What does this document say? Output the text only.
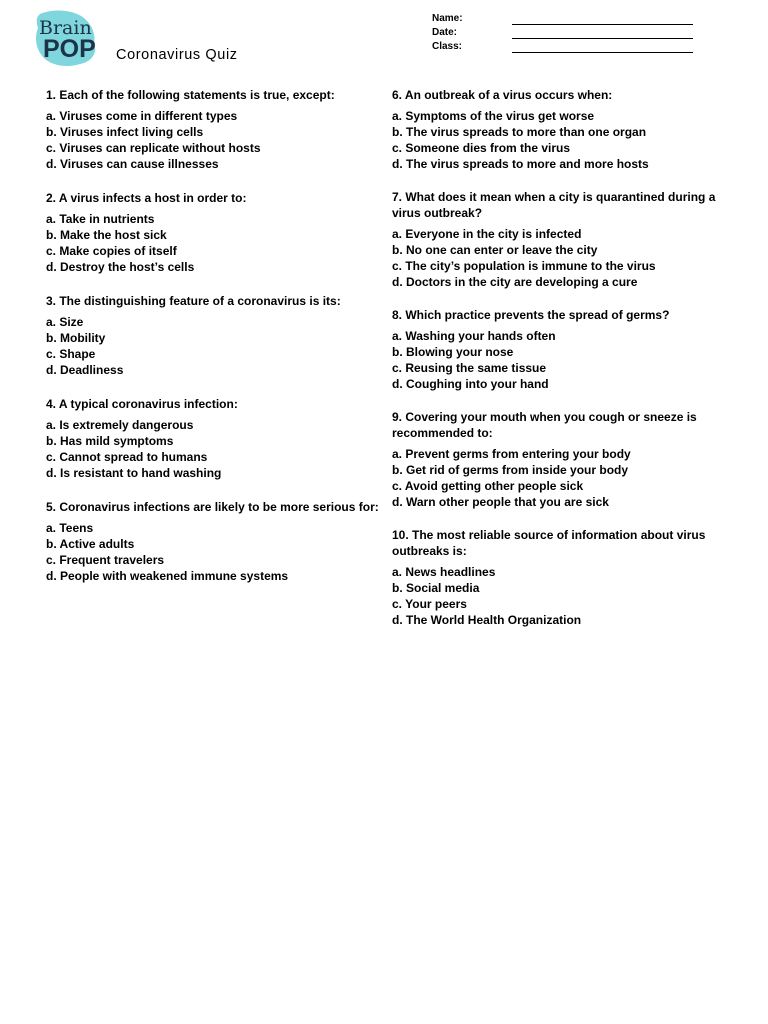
Brain
POP Coronavirus Quiz
Name:
Date:
Class:

1. Each of the following statements is true, except:

a. Viruses come in different types

b. Viruses infect living cells

c. Viruses can replicate without hosts

d. Viruses can cause illnesses

2. A virus infects a host in order to:

a. Take in nutrients

b. Make the host sick

c. Make copies of itself

d. Destroy the host’s cells

3. The distinguishing feature of a coronavirus is its:

a. Size

b. Mobility

c. Shape

d. Deadliness

4. A typical coronavirus infection:

a. Is extremely dangerous

b. Has mild symptoms

c. Cannot spread to humans

d. Is resistant to hand washing

5. Coronavirus infections are likely to be more serious for:

a. Teens

b. Active adults

c. Frequent travelers

d. People with weakened immune systems

6. An outbreak of a virus occurs when:

a. Symptoms of the virus get worse

b. The virus spreads to more than one organ

c. Someone dies from the virus

d. The virus spreads to more and more hosts

7. What does it mean when a city is quarantined during a virus outbreak?

a. Everyone in the city is infected

b. No one can enter or leave the city

c. The city’s population is immune to the virus

d. Doctors in the city are developing a cure

8. Which practice prevents the spread of germs?

a. Washing your hands often

b. Blowing your nose

c. Reusing the same tissue

d. Coughing into your hand

9. Covering your mouth when you cough or sneeze is recommended to:

a. Prevent germs from entering your body

b. Get rid of germs from inside your body

c. Avoid getting other people sick

d. Warn other people that you are sick

10. The most reliable source of information about virus outbreaks is:

a. News headlines

b. Social media

c. Your peers

d. The World Health Organization
